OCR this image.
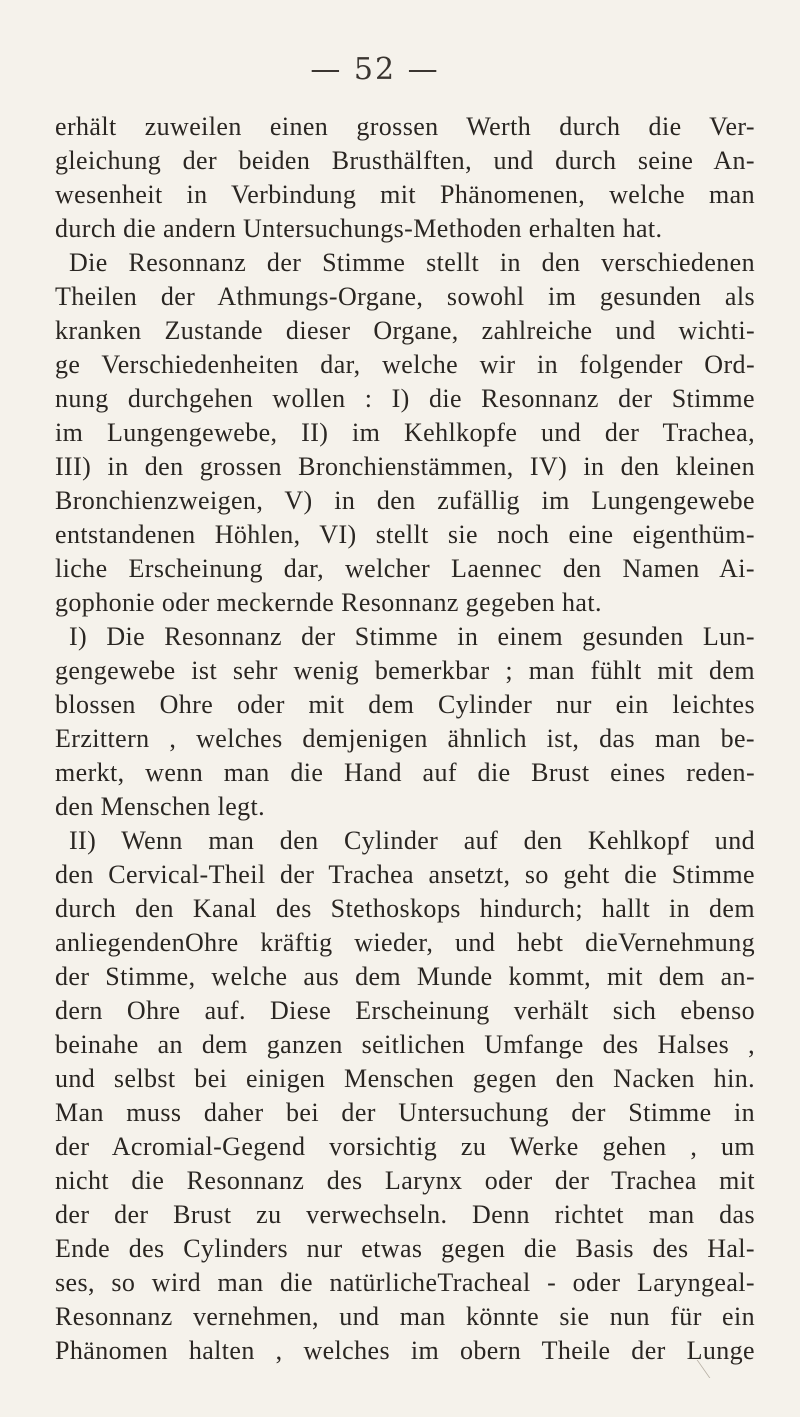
— 52 —
erhält zuweilen einen grossen Werth durch die Ver-
gleichung der beiden Brusthälften, und durch seine An-
wesenheit in Verbindung mit Phänomenen, welche man
durch die andern Untersuchungs-Methoden erhalten hat.
Die Resonnanz der Stimme stellt in den verschiedenen
Theilen der Athmungs-Organe, sowohl im gesunden als
kranken Zustande dieser Organe, zahlreiche und wichti-
ge Verschiedenheiten dar, welche wir in folgender Ord-
nung durchgehen wollen : I) die Resonnanz der Stimme
im Lungengewebe, II) im Kehlkopfe und der Trachea,
III) in den grossen Bronchienstämmen, IV) in den kleinen
Bronchienzweigen, V) in den zufällig im Lungengewebe
entstandenen Höhlen, VI) stellt sie noch eine eigenthüm-
liche Erscheinung dar, welcher Laennec den Namen Ai-
gophonie oder meckernde Resonnanz gegeben hat.
I) Die Resonnanz der Stimme in einem gesunden Lun-
gengewebe ist sehr wenig bemerkbar ; man fühlt mit dem
blossen Ohre oder mit dem Cylinder nur ein leichtes
Erzittern , welches demjenigen ähnlich ist, das man be-
merkt, wenn man die Hand auf die Brust eines reden-
den Menschen legt.
II) Wenn man den Cylinder auf den Kehlkopf und
den Cervical-Theil der Trachea ansetzt, so geht die Stimme
durch den Kanal des Stethoskops hindurch; hallt in dem
anliegendenOhre kräftig wieder, und hebt dieVernehmung
der Stimme, welche aus dem Munde kommt, mit dem an-
dern Ohre auf. Diese Erscheinung verhält sich ebenso
beinahe an dem ganzen seitlichen Umfange des Halses ,
und selbst bei einigen Menschen gegen den Nacken hin.
Man muss daher bei der Untersuchung der Stimme in
der Acromial-Gegend vorsichtig zu Werke gehen , um
nicht die Resonnanz des Larynx oder der Trachea mit
der der Brust zu verwechseln. Denn richtet man das
Ende des Cylinders nur etwas gegen die Basis des Hal-
ses, so wird man die natürlicheTracheal - oder Laryngeal-
Resonnanz vernehmen, und man könnte sie nun für ein
Phänomen halten , welches im obern Theile der Lunge
